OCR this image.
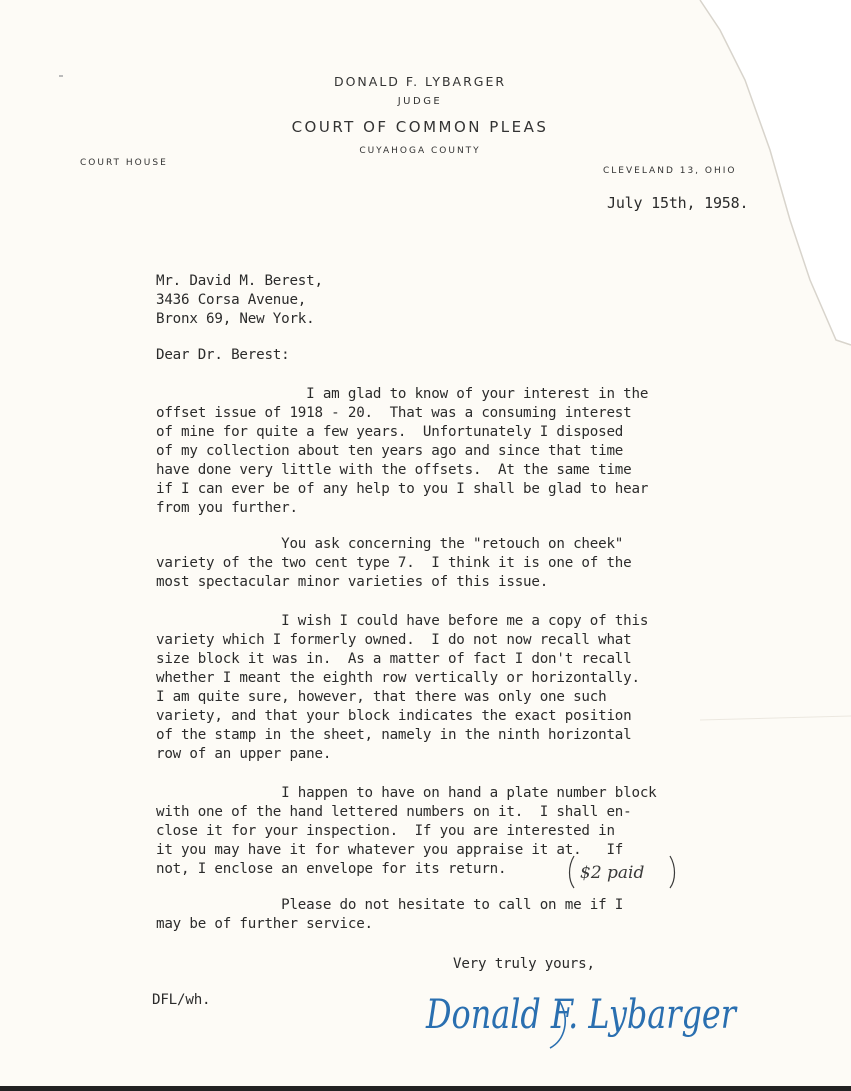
DONALD F. LYBARGER
JUDGE
COURT OF COMMON PLEAS
CUYAHOGA COUNTY
COURT HOUSE
CLEVELAND 13, OHIO
July 15th, 1958.
Mr. David M. Berest,
3436 Corsa Avenue,
Bronx 69, New York.
Dear Dr. Berest:
I am glad to know of your interest in the
offset issue of 1918 - 20.  That was a consuming interest
of mine for quite a few years.  Unfortunately I disposed
of my collection about ten years ago and since that time
have done very little with the offsets.  At the same time
if I can ever be of any help to you I shall be glad to hear
from you further.
You ask concerning the "retouch on cheek"
variety of the two cent type 7.  I think it is one of the
most spectacular minor varieties of this issue.
I wish I could have before me a copy of this
variety which I formerly owned.  I do not now recall what
size block it was in.  As a matter of fact I don't recall
whether I meant the eighth row vertically or horizontally.
I am quite sure, however, that there was only one such
variety, and that your block indicates the exact position
of the stamp in the sheet, namely in the ninth horizontal
row of an upper pane.
I happen to have on hand a plate number block
with one of the hand lettered numbers on it.  I shall en-
close it for your inspection.  If you are interested in
it you may have it for whatever you appraise it at.   If
not, I enclose an envelope for its return.
Please do not hesitate to call on me if I
may be of further service.
$2 paid
Very truly yours,
DFL/wh.	Donald F. Lybarger
